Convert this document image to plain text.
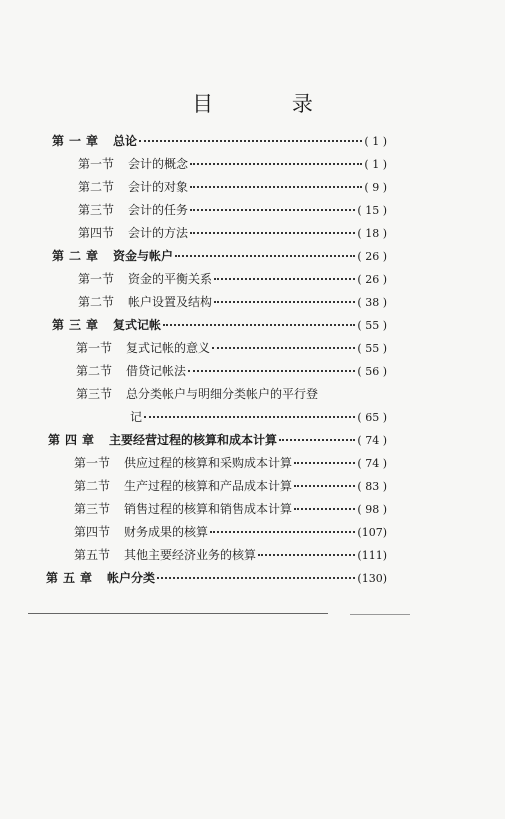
目 录
第一章 总论	( 1 )
第一节 会计的概念	( 1 )
第二节 会计的对象	( 9 )
第三节 会计的任务	( 15 )
第四节 会计的方法	( 18 )
第二章 资金与帐户	( 26 )
第一节 资金的平衡关系	( 26 )
第二节 帐户设置及结构	( 38 )
第三章 复式记帐	( 55 )
第一节 复式记帐的意义	( 55 )
第二节 借贷记帐法	( 56 )
第三节 总分类帐户与明细分类帐户的平行登
记	( 65 )
第四章 主要经营过程的核算和成本计算	( 74 )
第一节 供应过程的核算和采购成本计算	( 74 )
第二节 生产过程的核算和产品成本计算	( 83 )
第三节 销售过程的核算和销售成本计算	( 98 )
第四节 财务成果的核算	(107)
第五节 其他主要经济业务的核算	(111)
第五章 帐户分类	(130)
